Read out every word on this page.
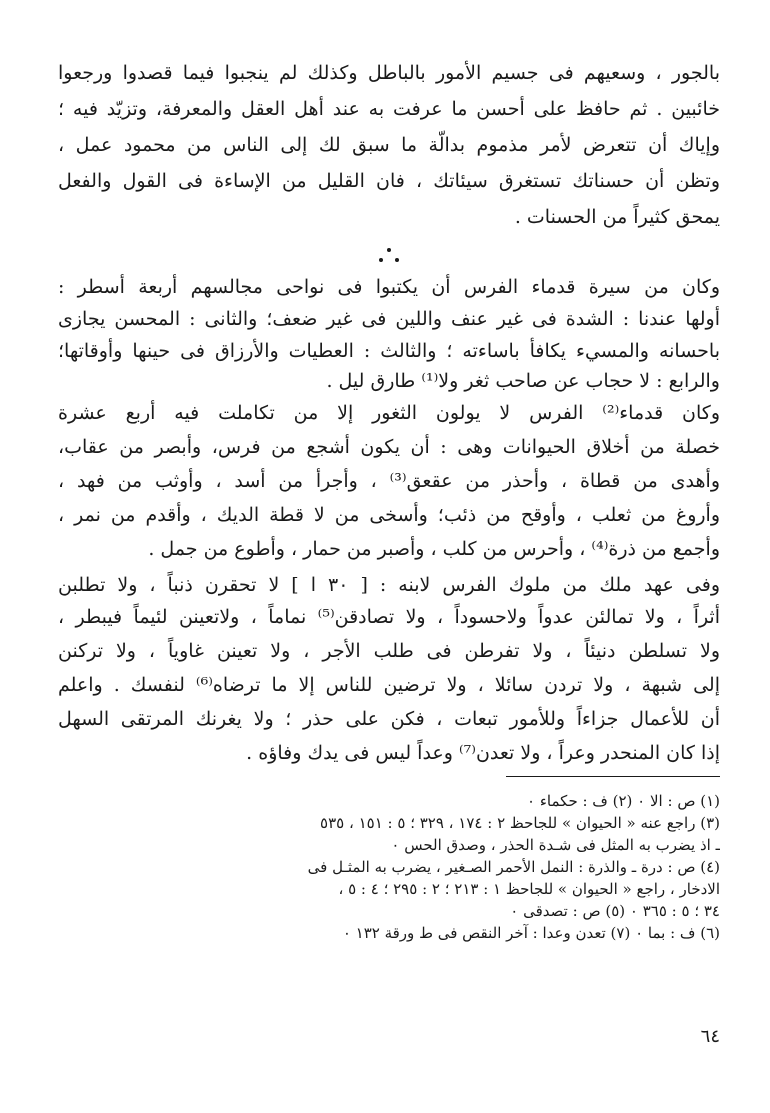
بالجور ، وسعيهم فى جسيم الأمور بالباطل وكذلك لم ينجبوا فيما قصدوا ورجعوا
خائبين . ثم حافظ على أحسن ما عرفت به عند أهل العقل والمعرفة، وتزيّد فيه ؛
وإياك أن تتعرض لأمر مذموم بدالّة ما سبق لك إلى الناس من محمود عمل ،
وتظن أن حسناتك تستغرق سيئاتك ، فان القليل من الإساءة فى القول والفعل
يمحق كثيراً من الحسنات .
وكان من سيرة قدماء الفرس أن يكتبوا فى نواحى مجالسهم أربعة أسطر :
أولها عندنا : الشدة فى غير عنف واللين فى غير ضعف؛ والثانى : المحسن يجازى
باحسانه والمسيء يكافأ باساءته ؛ والثالث : العطيات والأرزاق فى حينها وأوقاتها؛
والرابع : لا حجاب عن صاحب ثغر ولا⁽¹⁾ طارق ليل .
وكان قدماء⁽²⁾ الفرس لا يولون الثغور إلا من تكاملت فيه أربع عشرة
خصلة من أخلاق الحيوانات وهى : أن يكون أشجع من فرس، وأبصر من عقاب،
وأهدى من قطاة ، وأحذر من عقعق⁽³⁾ ، وأجرأ من أسد ، وأوثب من فهد ،
وأروغ من ثعلب ، وأوقح من ذئب؛ وأسخى من لا قطة الديك ، وأقدم من نمر ،
وأجمع من ذرة⁽⁴⁾ ، وأحرس من كلب ، وأصبر من حمار ، وأطوع من جمل .
وفى عهد ملك من ملوك الفرس لابنه : [ ٣٠ ا ] لا تحقرن ذنباً ، ولا تطلبن
أثراً ، ولا تمالئن عدواً ولاحسوداً ، ولا تصادقن⁽⁵⁾ نماماً ، ولاتعينن لئيماً فيبطر ،
ولا تسلطن دنيئاً ، ولا تفرطن فى طلب الأجر ، ولا تعينن غاوياً ، ولا تركنن
إلى شبهة ، ولا تردن سائلا ، ولا ترضين للناس إلا ما ترضاه⁽⁶⁾ لنفسك . واعلم
أن للأعمال جزاءاً وللأمور تبعات ، فكن على حذر ؛ ولا يغرنك المرتقى السهل
إذا كان المنحدر وعراً ، ولا تعدن⁽⁷⁾ وعداً ليس فى يدك وفاؤه .
(١) ص : الا ٠ (٢) ف : حكماء ٠
(٣) راجع عنه « الحيوان » للجاحظ ٢ : ١٧٤ ، ٣٢٩ ؛ ٥ : ١٥١ ، ٥٣٥
ـ اذ يضرب به المثل فى شـدة الحذر ، وصدق الحس ٠
(٤) ص : درة ـ والذرة : النمل الأحمر الصـغير ، يضرب به المثـل فى
الادخار ، راجع « الحيوان » للجاحظ ١ : ٢١٣ ؛ ٢ : ٢٩٥ ؛ ٤ : ٥ ،
٣٤ ؛ ٥ : ٣٦٥ ٠ (٥) ص : تصدقى ٠
(٦) ف : بما ٠ (٧) تعدن وعدا : آخر النقص فى ط ورقة ١٣٢ ٠
٦٤
